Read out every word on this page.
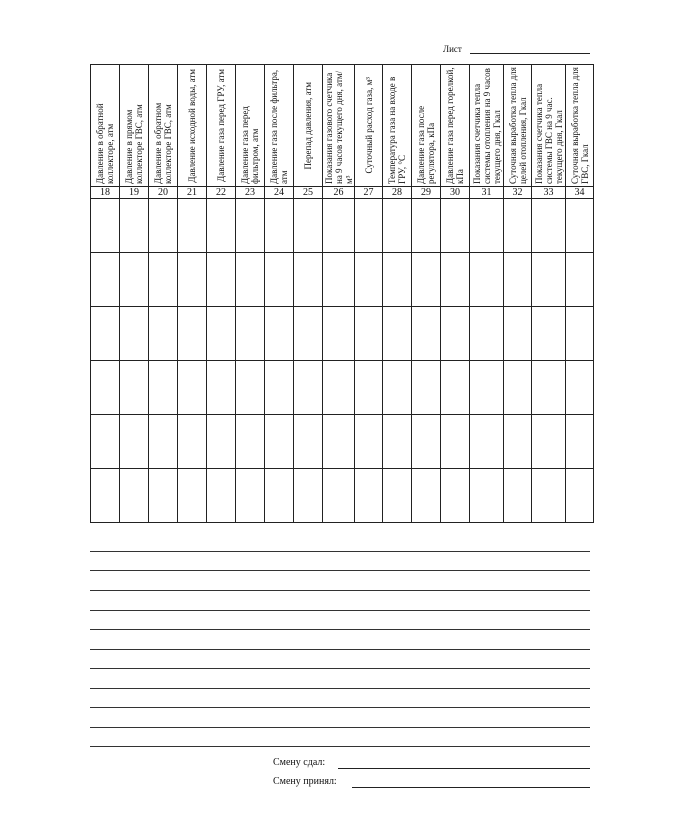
Лист
Давление в обратной коллекторе, атм	Давление в прямом коллекторе ГВС, атм	Давление в обратном коллекторе ГВС, атм	Давление исходной воды, атм	Давление газа перед ГРУ, атм	Давление газа перед фильтром, атм	Давление газа после фильтра, атм	Перепад давления, атм	Показания газового счетчика на 9 часов текущего дня, атм/м³	Суточный расход газа, м³	Температура газа на входе в ГРУ, °С	Давление газа после регулятора, кПа	Давление газа перед горелкой, кПа	Показания счетчика тепла системы отопления на 9 часов текущего дня, Гкал	Суточная выработка тепла для целей отопления, Гкал	Показания счетчика тепла системы ГВС на 9 час. текущего дня, Гкал	Суточная выработка тепла для ГВС, Гкал

18	19	20	21	22	23	24	25	26	27	28	29	30	31	32	33	34

Смену сдал:
Смену принял:
